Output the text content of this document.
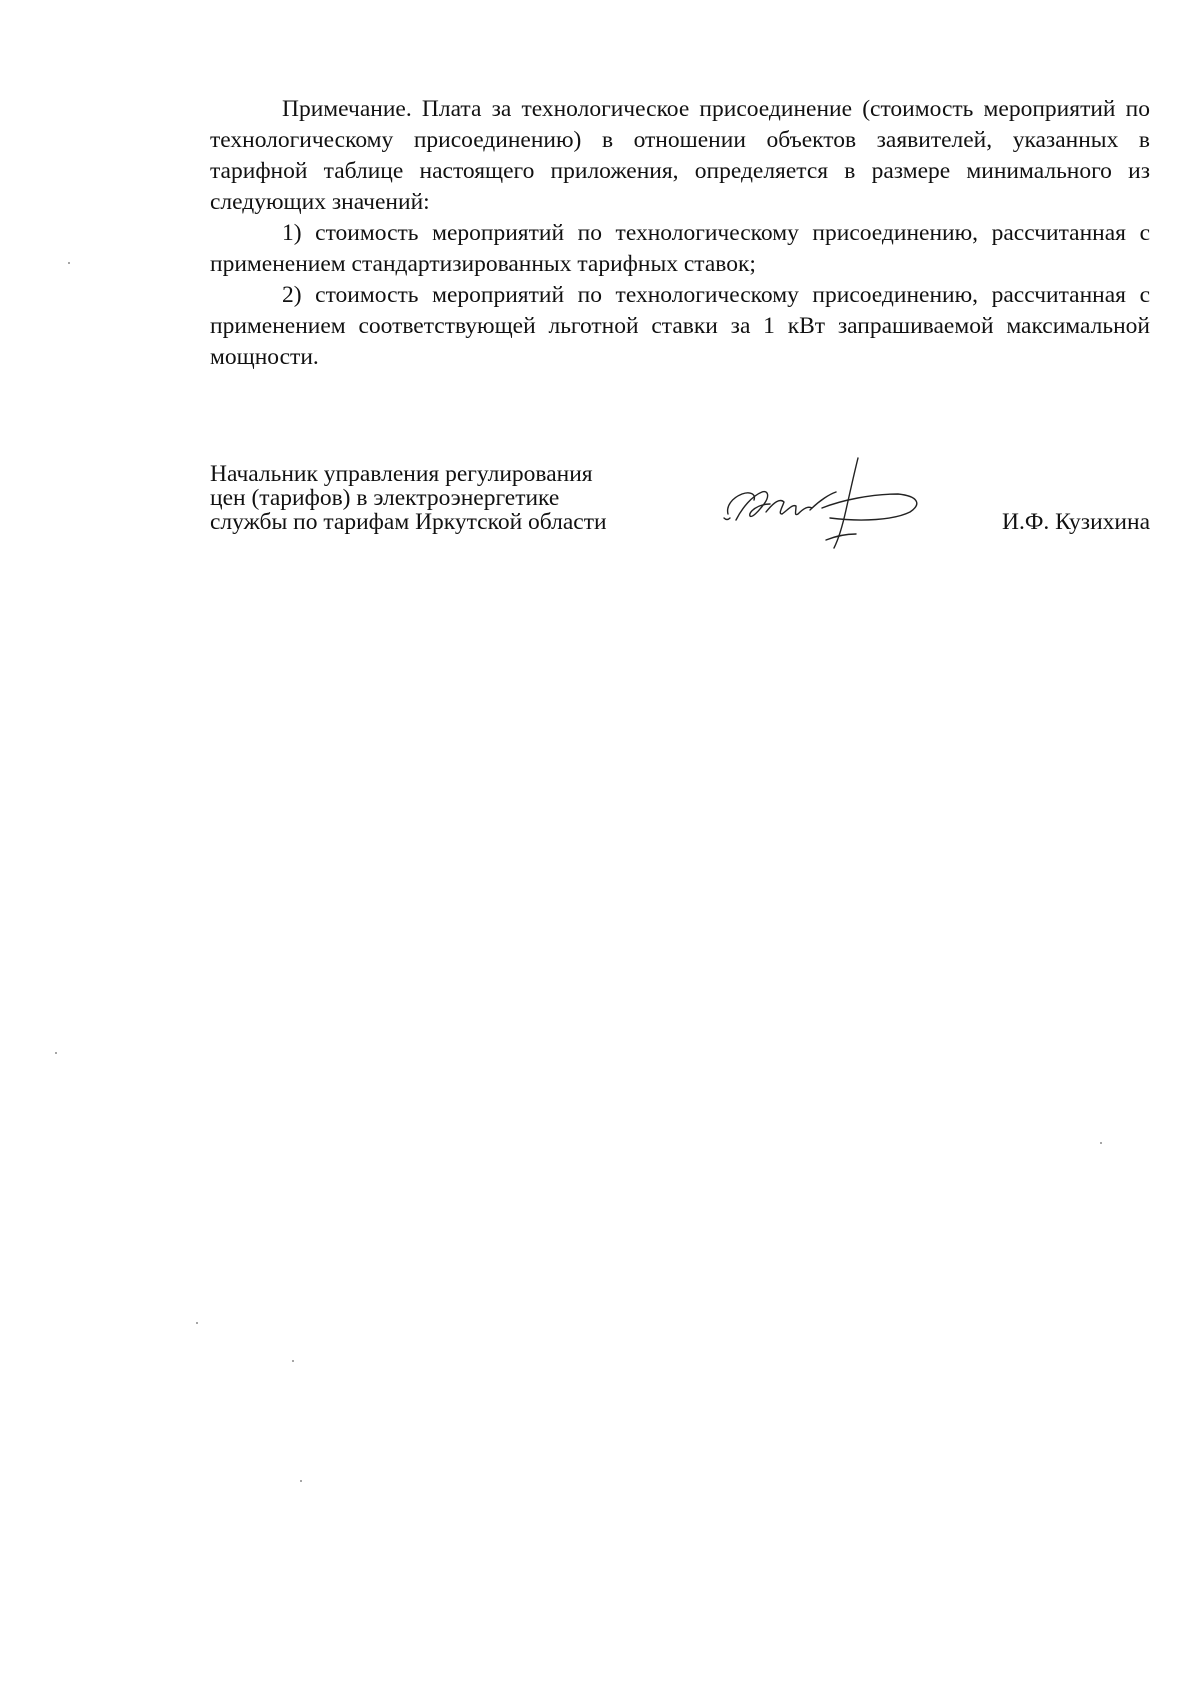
Примечание. Плата за технологическое присоединение (стоимость мероприятий по технологическому присоединению) в отношении объектов заявителей, указанных в тарифной таблице настоящего приложения, определяется в размере минимального из следующих значений:

1) стоимость мероприятий по технологическому присоединению, рассчитанная с применением стандартизированных тарифных ставок;

2) стоимость мероприятий по технологическому присоединению, рассчитанная с применением соответствующей льготной ставки за 1 кВт запрашиваемой максимальной мощности.

Начальник управления регулирования
цен (тарифов) в электроэнергетике
службы по тарифам Иркутской области	И.Ф. Кузихина
